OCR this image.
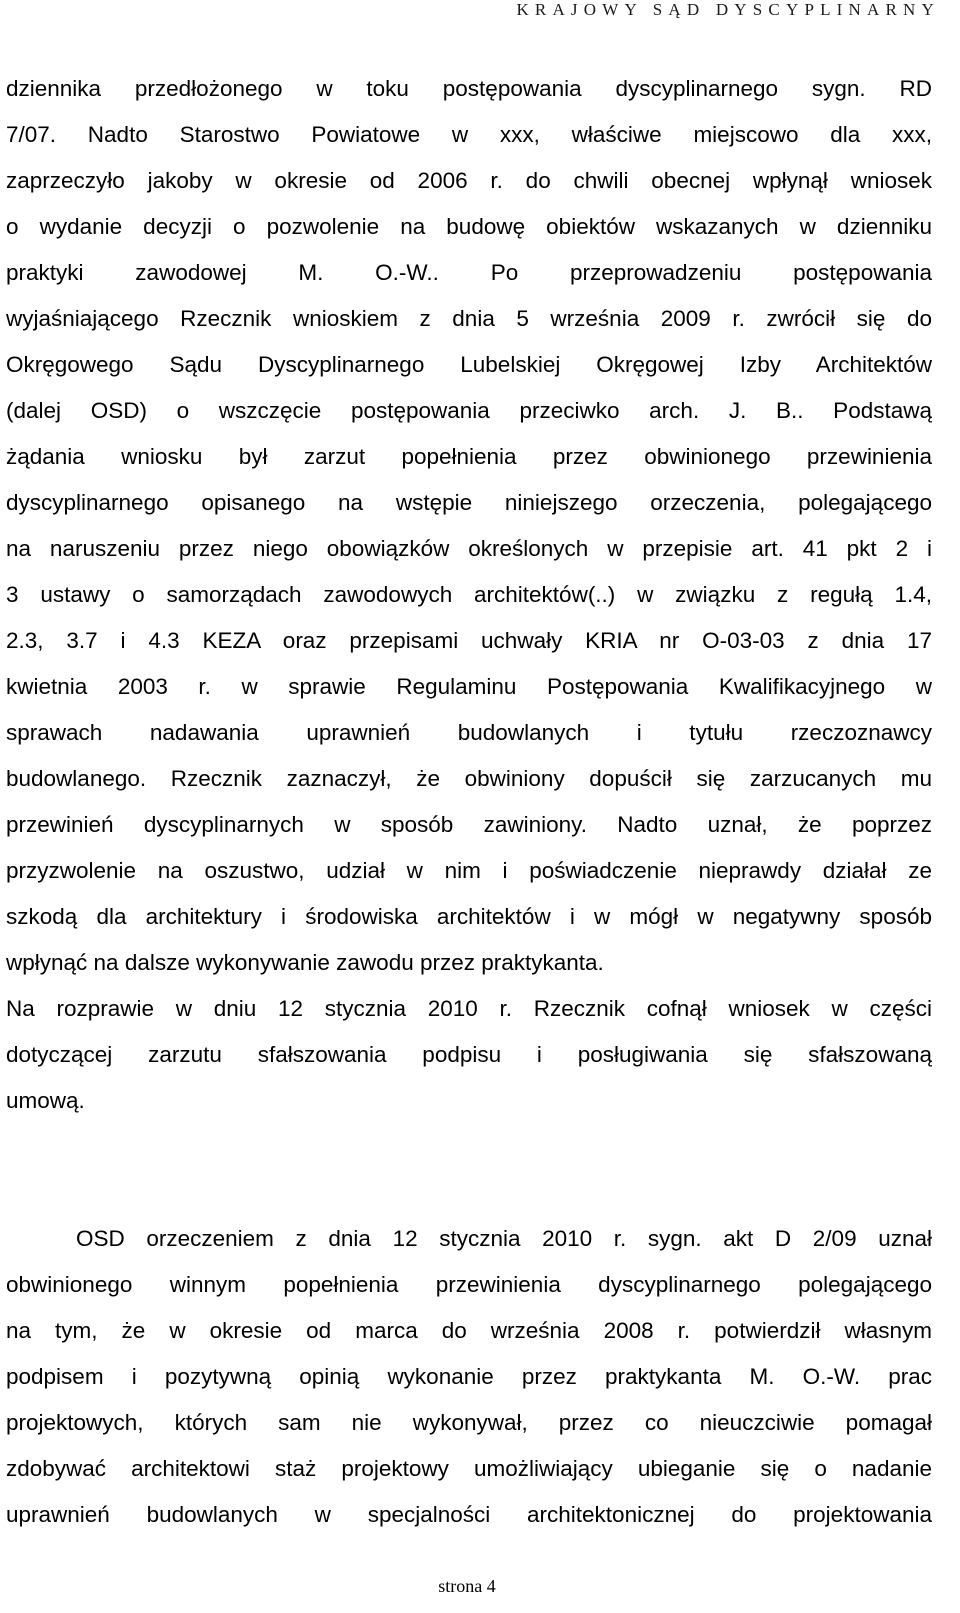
KRAJOWY SĄD DYSCYPLINARNY
dziennika przedłożonego w toku postępowania dyscyplinarnego sygn. RD
7/07. Nadto Starostwo Powiatowe w xxx, właściwe miejscowo dla xxx,
zaprzeczyło jakoby w okresie od 2006 r. do chwili obecnej wpłynął wniosek
o wydanie decyzji o pozwolenie na budowę obiektów wskazanych w dzienniku
praktyki zawodowej M. O.-W.. Po przeprowadzeniu postępowania
wyjaśniającego Rzecznik wnioskiem z dnia 5 września 2009 r. zwrócił się do
Okręgowego Sądu Dyscyplinarnego Lubelskiej Okręgowej Izby Architektów
(dalej OSD) o wszczęcie postępowania przeciwko arch. J. B.. Podstawą
żądania wniosku był zarzut popełnienia przez obwinionego przewinienia
dyscyplinarnego opisanego na wstępie niniejszego orzeczenia, polegającego
na naruszeniu przez niego obowiązków określonych w przepisie art. 41 pkt 2 i
3 ustawy o samorządach zawodowych architektów(..) w związku z regułą 1.4,
2.3, 3.7 i 4.3 KEZA oraz przepisami uchwały KRIA nr O-03-03 z dnia 17
kwietnia 2003 r. w sprawie Regulaminu Postępowania Kwalifikacyjnego w
sprawach nadawania uprawnień budowlanych i tytułu rzeczoznawcy
budowlanego. Rzecznik zaznaczył, że obwiniony dopuścił się zarzucanych mu
przewinień dyscyplinarnych w sposób zawiniony. Nadto uznał, że poprzez
przyzwolenie na oszustwo, udział w nim i poświadczenie nieprawdy działał ze
szkodą dla architektury i środowiska architektów i w mógł w negatywny sposób
wpłynąć na dalsze wykonywanie zawodu przez praktykanta.
Na rozprawie w dniu 12 stycznia 2010 r. Rzecznik cofnął wniosek w części
dotyczącej zarzutu sfałszowania podpisu i posługiwania się sfałszowaną
umową.
OSD orzeczeniem z dnia 12 stycznia 2010 r. sygn. akt D 2/09 uznał
obwinionego winnym popełnienia przewinienia dyscyplinarnego polegającego
na tym, że w okresie od marca do września 2008 r. potwierdził własnym
podpisem i pozytywną opinią wykonanie przez praktykanta M. O.-W. prac
projektowych, których sam nie wykonywał, przez co nieuczciwie pomagał
zdobywać architektowi staż projektowy umożliwiający ubieganie się o nadanie
uprawnień budowlanych w specjalności architektonicznej do projektowania
strona 4
